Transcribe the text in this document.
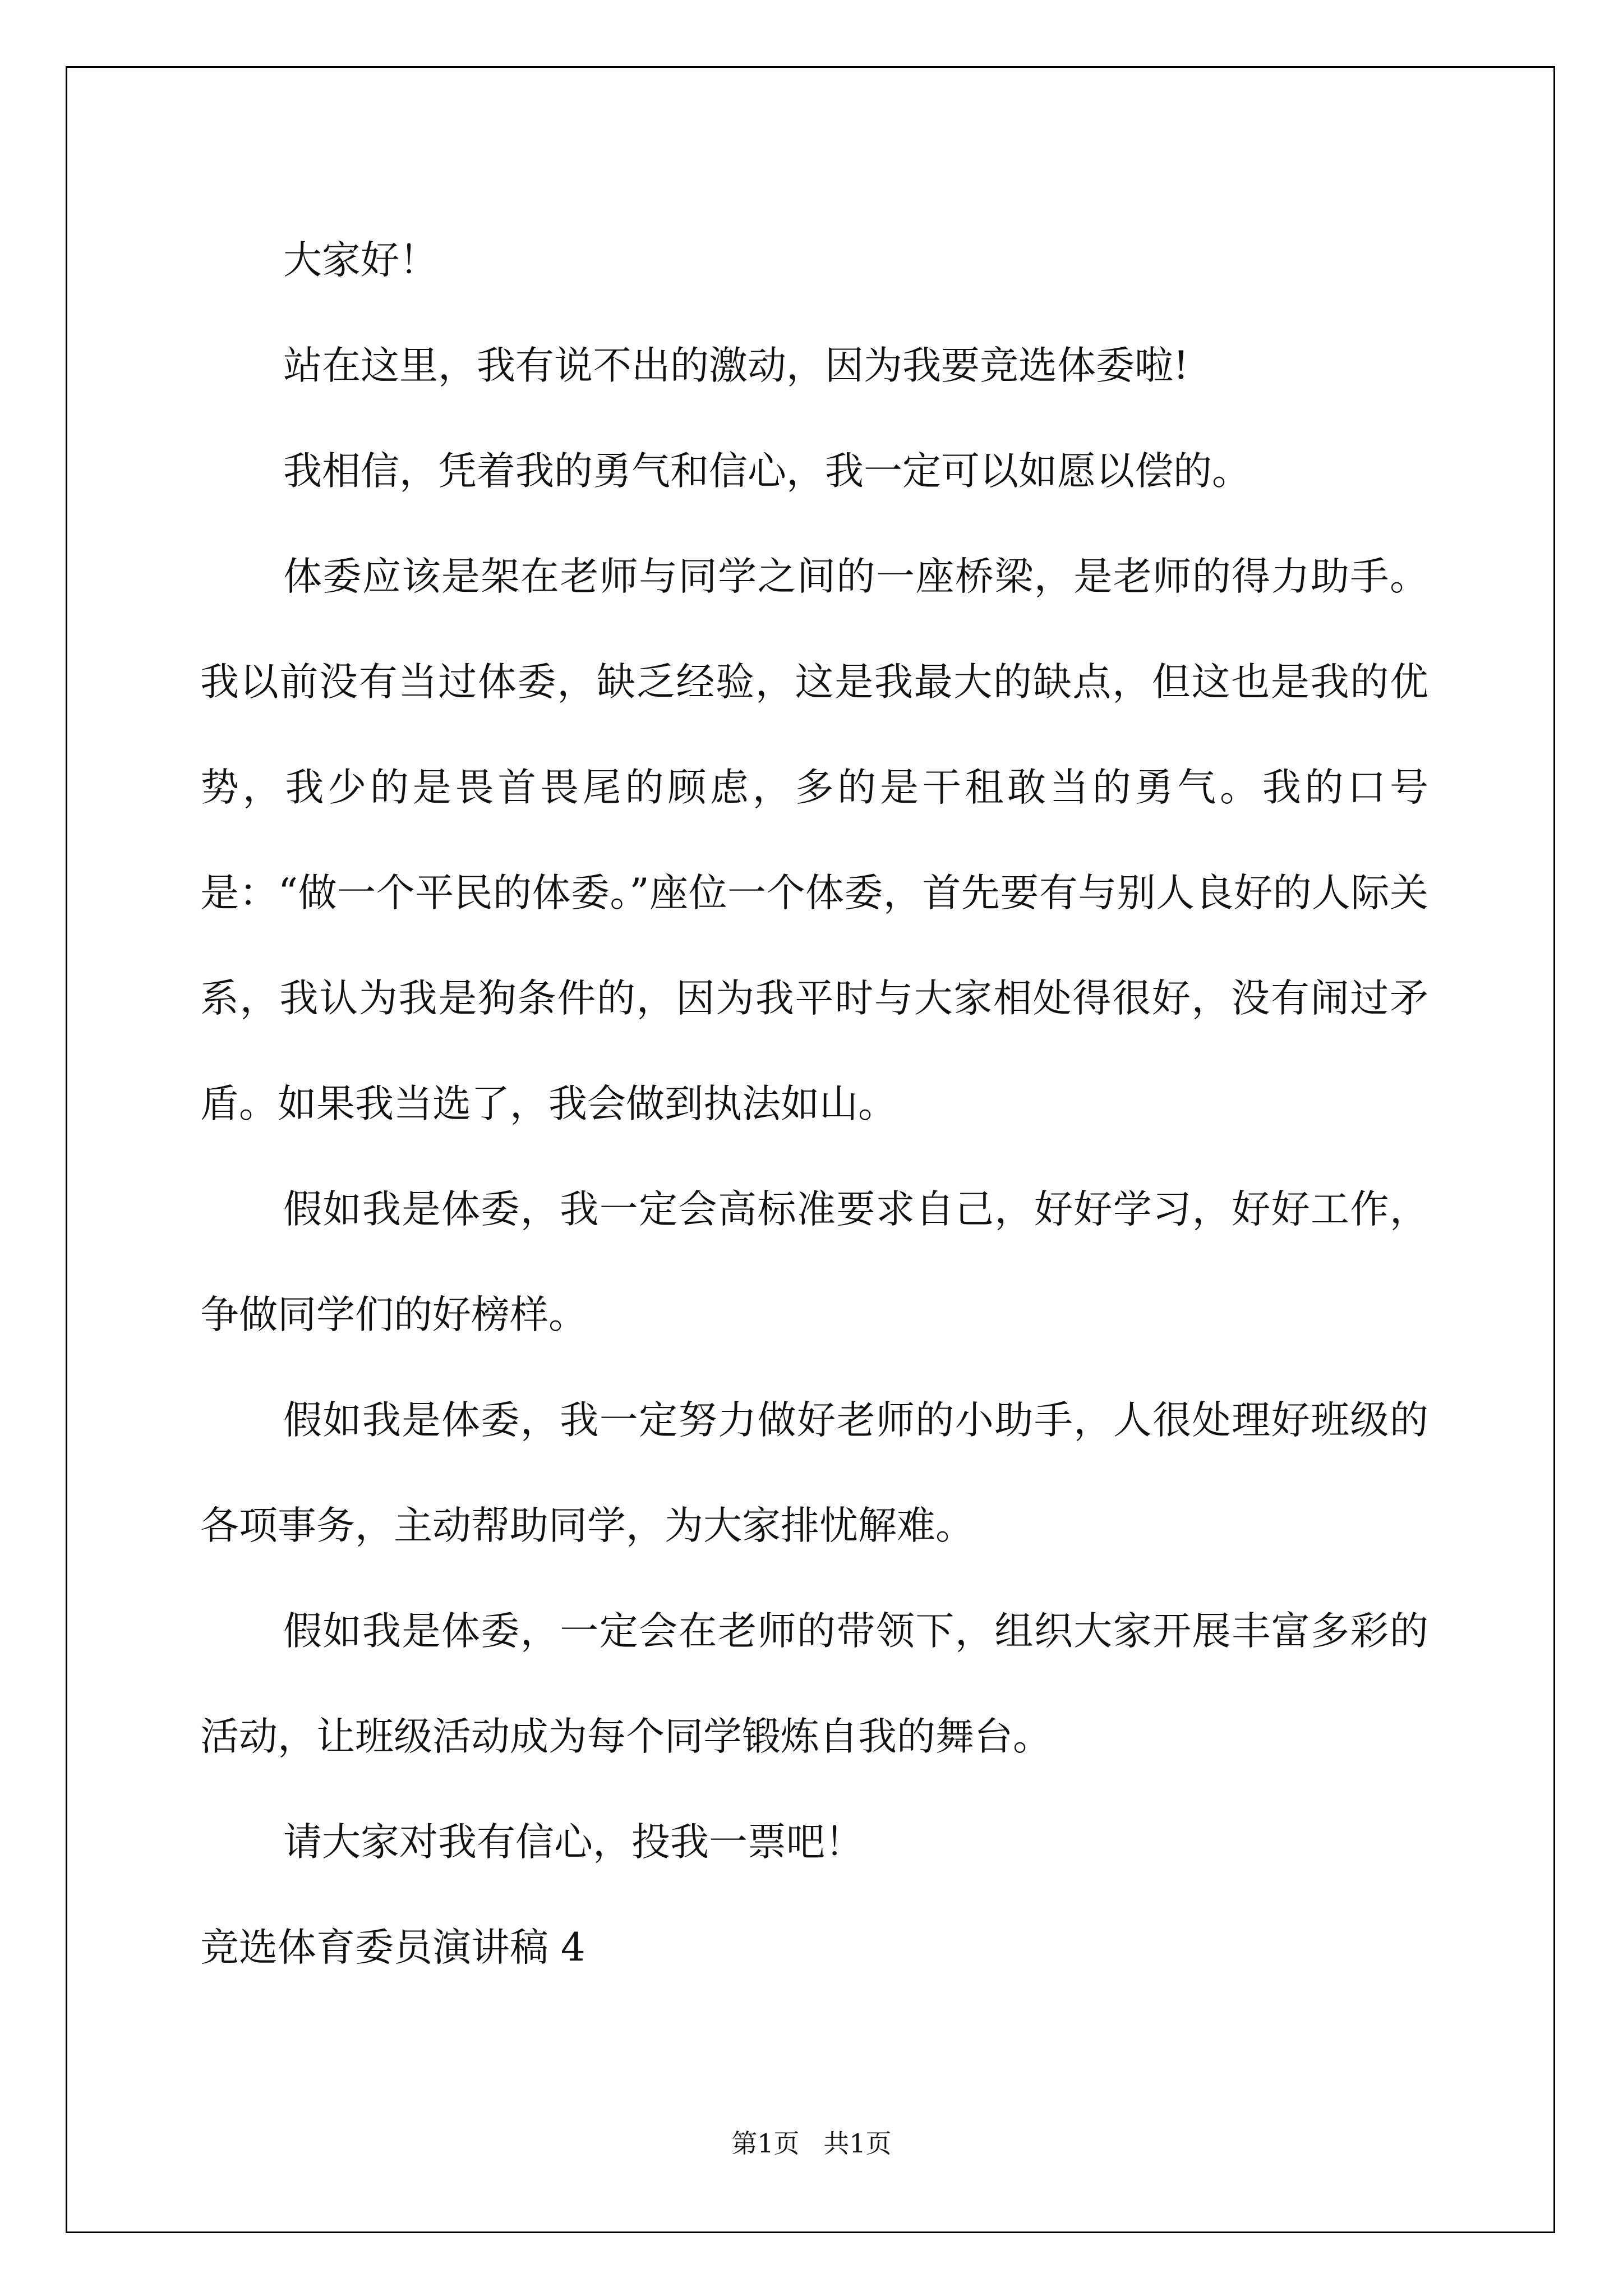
大家好！

站在这里，我有说不出的激动，因为我要竞选体委啦!

我相信，凭着我的勇气和信心，我一定可以如愿以偿的。

体委应该是架在老师与同学之间的一座桥梁，是老师的得力助手。我以前没有当过体委，缺乏经验，这是我最大的缺点，但这也是我的优势，我少的是畏首畏尾的顾虑，多的是干租敢当的勇气。我的口号是：“做一个平民的体委。”座位一个体委，首先要有与别人良好的人际关系，我认为我是狗条件的，因为我平时与大家相处得很好，没有闹过矛盾。如果我当选了，我会做到执法如山。

假如我是体委，我一定会高标准要求自己，好好学习，好好工作，争做同学们的好榜样。

假如我是体委，我一定努力做好老师的小助手，人很处理好班级的各项事务，主动帮助同学，为大家排忧解难。

假如我是体委，一定会在老师的带领下，组织大家开展丰富多彩的活动，让班级活动成为每个同学锻炼自我的舞台。

请大家对我有信心，投我一票吧！

竞选体育委员演讲稿 4

第1页 共1页
